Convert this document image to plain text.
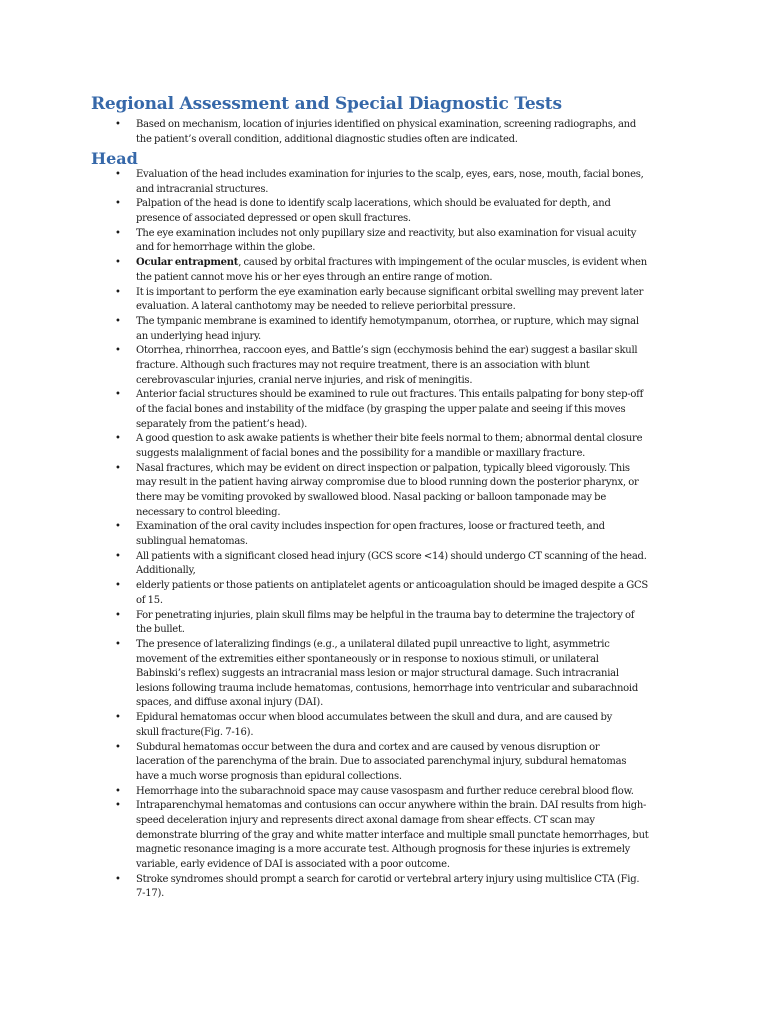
Regional Assessment and Special Diagnostic Tests
• Based on mechanism, location of injuries identified on physical examination, screening radiographs, and
the patient’s overall condition, additional diagnostic studies often are indicated.
Head
• Evaluation of the head includes examination for injuries to the scalp, eyes, ears, nose, mouth, facial bones,
and intracranial structures.
• Palpation of the head is done to identify scalp lacerations, which should be evaluated for depth, and
presence of associated depressed or open skull fractures.
• The eye examination includes not only pupillary size and reactivity, but also examination for visual acuity
and for hemorrhage within the globe.
• Ocular entrapment, caused by orbital fractures with impingement of the ocular muscles, is evident when
the patient cannot move his or her eyes through an entire range of motion.
• It is important to perform the eye examination early because significant orbital swelling may prevent later
evaluation. A lateral canthotomy may be needed to relieve periorbital pressure.
• The tympanic membrane is examined to identify hemotympanum, otorrhea, or rupture, which may signal
an underlying head injury.
• Otorrhea, rhinorrhea, raccoon eyes, and Battle’s sign (ecchymosis behind the ear) suggest a basilar skull
fracture. Although such fractures may not require treatment, there is an association with blunt
cerebrovascular injuries, cranial nerve injuries, and risk of meningitis.
• Anterior facial structures should be examined to rule out fractures. This entails palpating for bony step-off
of the facial bones and instability of the midface (by grasping the upper palate and seeing if this moves
separately from the patient’s head).
• A good question to ask awake patients is whether their bite feels normal to them; abnormal dental closure
suggests malalignment of facial bones and the possibility for a mandible or maxillary fracture.
• Nasal fractures, which may be evident on direct inspection or palpation, typically bleed vigorously. This
may result in the patient having airway compromise due to blood running down the posterior pharynx, or
there may be vomiting provoked by swallowed blood. Nasal packing or balloon tamponade may be
necessary to control bleeding.
• Examination of the oral cavity includes inspection for open fractures, loose or fractured teeth, and
sublingual hematomas.
• All patients with a significant closed head injury (GCS score <14) should undergo CT scanning of the head.
Additionally,
• elderly patients or those patients on antiplatelet agents or anticoagulation should be imaged despite a GCS
of 15.
• For penetrating injuries, plain skull films may be helpful in the trauma bay to determine the trajectory of
the bullet.
• The presence of lateralizing findings (e.g., a unilateral dilated pupil unreactive to light, asymmetric
movement of the extremities either spontaneously or in response to noxious stimuli, or unilateral
Babinski’s reflex) suggests an intracranial mass lesion or major structural damage. Such intracranial
lesions following trauma include hematomas, contusions, hemorrhage into ventricular and subarachnoid
spaces, and diffuse axonal injury (DAI).
• Epidural hematomas occur when blood accumulates between the skull and dura, and are caused by
skull fracture(Fig. 7-16).
• Subdural hematomas occur between the dura and cortex and are caused by venous disruption or
laceration of the parenchyma of the brain. Due to associated parenchymal injury, subdural hematomas
have a much worse prognosis than epidural collections.
• Hemorrhage into the subarachnoid space may cause vasospasm and further reduce cerebral blood flow.
• Intraparenchymal hematomas and contusions can occur anywhere within the brain. DAI results from high-
speed deceleration injury and represents direct axonal damage from shear effects. CT scan may
demonstrate blurring of the gray and white matter interface and multiple small punctate hemorrhages, but
magnetic resonance imaging is a more accurate test. Although prognosis for these injuries is extremely
variable, early evidence of DAI is associated with a poor outcome.
• Stroke syndromes should prompt a search for carotid or vertebral artery injury using multislice CTA (Fig.
7-17).
